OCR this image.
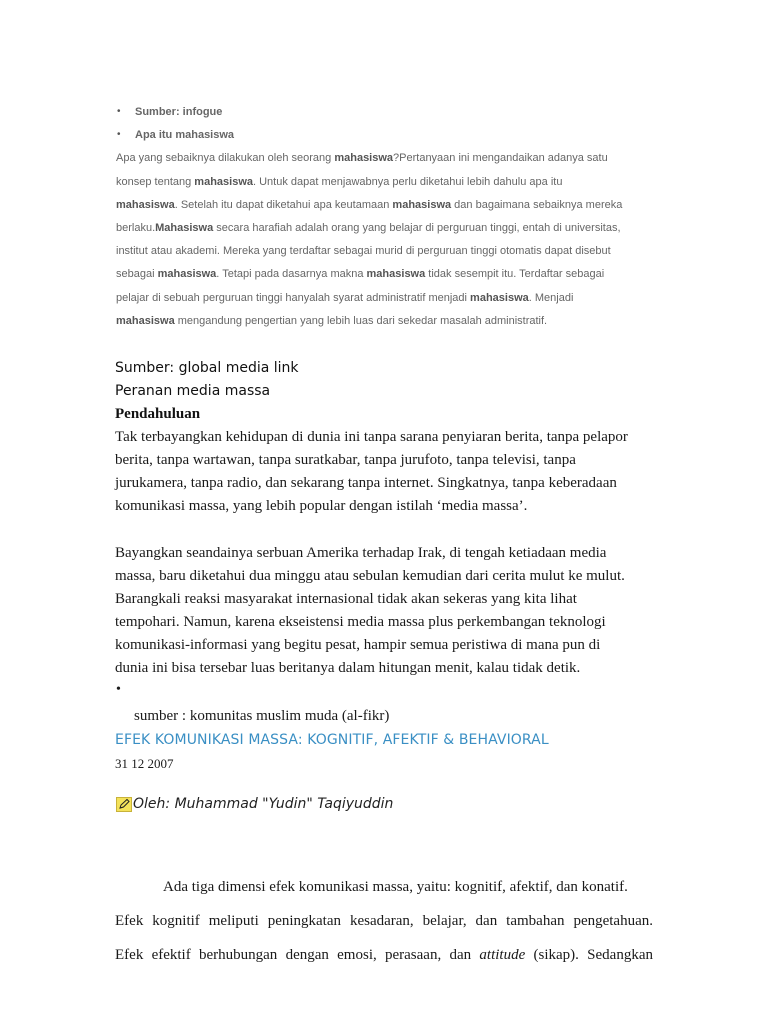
• Sumber: infogue
• Apa itu mahasiswa
Apa yang sebaiknya dilakukan oleh seorang mahasiswa?Pertanyaan ini mengandaikan adanya satu
konsep tentang mahasiswa. Untuk dapat menjawabnya perlu diketahui lebih dahulu apa itu
mahasiswa. Setelah itu dapat diketahui apa keutamaan mahasiswa dan bagaimana sebaiknya mereka
berlaku.Mahasiswa secara harafiah adalah orang yang belajar di perguruan tinggi, entah di universitas,
institut atau akademi. Mereka yang terdaftar sebagai murid di perguruan tinggi otomatis dapat disebut
sebagai mahasiswa. Tetapi pada dasarnya makna mahasiswa tidak sesempit itu. Terdaftar sebagai
pelajar di sebuah perguruan tinggi hanyalah syarat administratif menjadi mahasiswa. Menjadi
mahasiswa mengandung pengertian yang lebih luas dari sekedar masalah administratif.
Sumber: global media link
Peranan media massa
Pendahuluan
Tak terbayangkan kehidupan di dunia ini tanpa sarana penyiaran berita, tanpa pelapor
berita, tanpa wartawan, tanpa suratkabar, tanpa jurufoto, tanpa televisi, tanpa
jurukamera, tanpa radio, dan sekarang tanpa internet. Singkatnya, tanpa keberadaan
komunikasi massa, yang lebih popular dengan istilah ‘media massa’.
Bayangkan seandainya serbuan Amerika terhadap Irak, di tengah ketiadaan media
massa, baru diketahui dua minggu atau sebulan kemudian dari cerita mulut ke mulut.
Barangkali reaksi masyarakat internasional tidak akan sekeras yang kita lihat
tempohari. Namun, karena ekseistensi media massa plus perkembangan teknologi
komunikasi-informasi yang begitu pesat, hampir semua peristiwa di mana pun di
dunia ini bisa tersebar luas beritanya dalam hitungan menit, kalau tidak detik.
•
sumber : komunitas muslim muda (al-fikr)
EFEK KOMUNIKASI MASSA: KOGNITIF, AFEKTIF & BEHAVIORAL
31 12 2007
Oleh: Muhammad "Yudin" Taqiyuddin
Ada tiga dimensi efek komunikasi massa, yaitu: kognitif, afektif, dan konatif.
Efek kognitif meliputi peningkatan kesadaran, belajar, dan tambahan pengetahuan.
Efek efektif berhubungan dengan emosi, perasaan, dan attitude (sikap). Sedangkan
